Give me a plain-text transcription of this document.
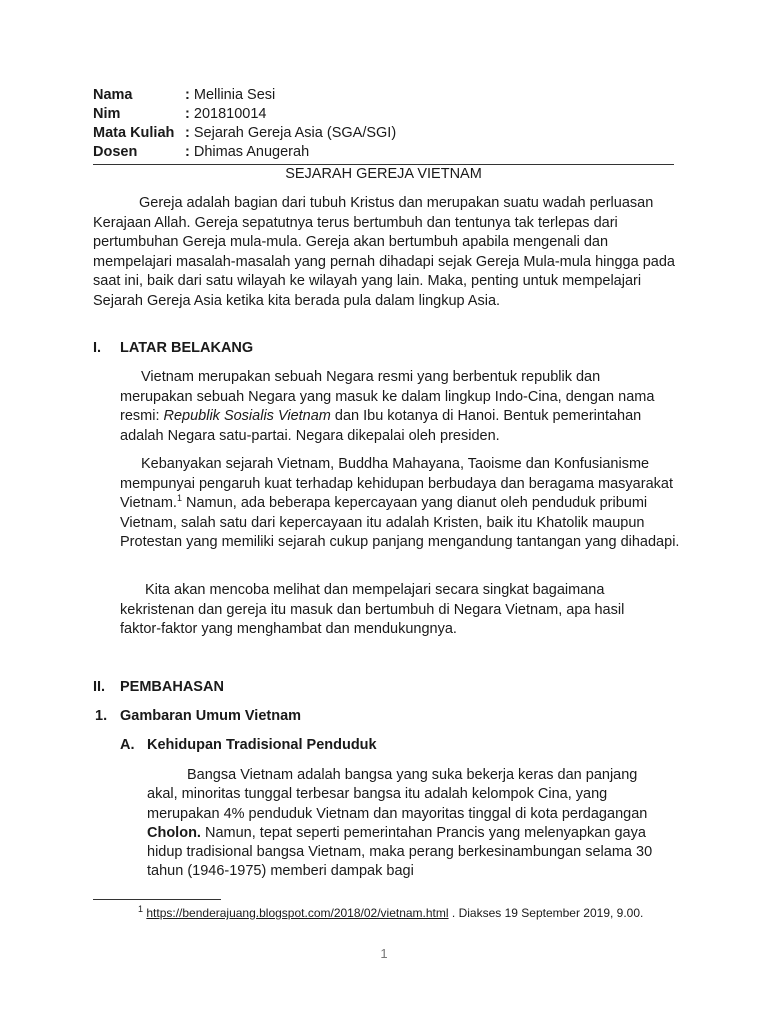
Nama	: Mellinia Sesi
Nim	: 201810014
Mata Kuliah : Sejarah Gereja Asia (SGA/SGI)
Dosen	: Dhimas Anugerah
SEJARAH GEREJA VIETNAM
Gereja adalah bagian dari tubuh Kristus dan merupakan suatu wadah perluasan Kerajaan Allah. Gereja sepatutnya terus bertumbuh dan tentunya tak terlepas dari pertumbuhan Gereja mula-mula. Gereja akan bertumbuh apabila mengenali dan mempelajari masalah-masalah yang pernah dihadapi sejak Gereja Mula-mula hingga pada saat ini, baik dari satu wilayah ke wilayah yang lain. Maka, penting untuk mempelajari Sejarah Gereja Asia ketika kita berada pula dalam lingkup Asia.
I. LATAR BELAKANG
Vietnam merupakan sebuah Negara resmi yang berbentuk republik dan merupakan sebuah Negara yang masuk ke dalam lingkup Indo-Cina, dengan nama resmi: Republik Sosialis Vietnam dan Ibu kotanya di Hanoi. Bentuk pemerintahan adalah Negara satu-partai. Negara dikepalai oleh presiden.
Kebanyakan sejarah Vietnam, Buddha Mahayana, Taoisme dan Konfusianisme mempunyai pengaruh kuat terhadap kehidupan berbudaya dan beragama masyarakat Vietnam.$^1$ Namun, ada beberapa kepercayaan yang dianut oleh penduduk pribumi Vietnam, salah satu dari kepercayaan itu adalah Kristen, baik itu Khatolik maupun Protestan yang memiliki sejarah cukup panjang mengandung tantangan yang dihadapi.
Kita akan mencoba melihat dan mempelajari secara singkat bagaimana kekristenan dan gereja itu masuk dan bertumbuh di Negara Vietnam, apa hasil faktor-faktor yang menghambat dan mendukungnya.
II. PEMBAHASAN
1. Gambaran Umum Vietnam
A. Kehidupan Tradisional Penduduk
Bangsa Vietnam adalah bangsa yang suka bekerja keras dan panjang akal, minoritas tunggal terbesar bangsa itu adalah kelompok Cina, yang merupakan 4% penduduk Vietnam dan mayoritas tinggal di kota perdagangan Cholon. Namun, tepat seperti pemerintahan Prancis yang melenyapkan gaya hidup tradisional bangsa Vietnam, maka perang berkesinambungan selama 30 tahun (1946-1975) memberi dampak bagi
$^1$ https://benderajuang.blogspot.com/2018/02/vietnam.html . Diakses 19 September 2019, 9.00.
1
